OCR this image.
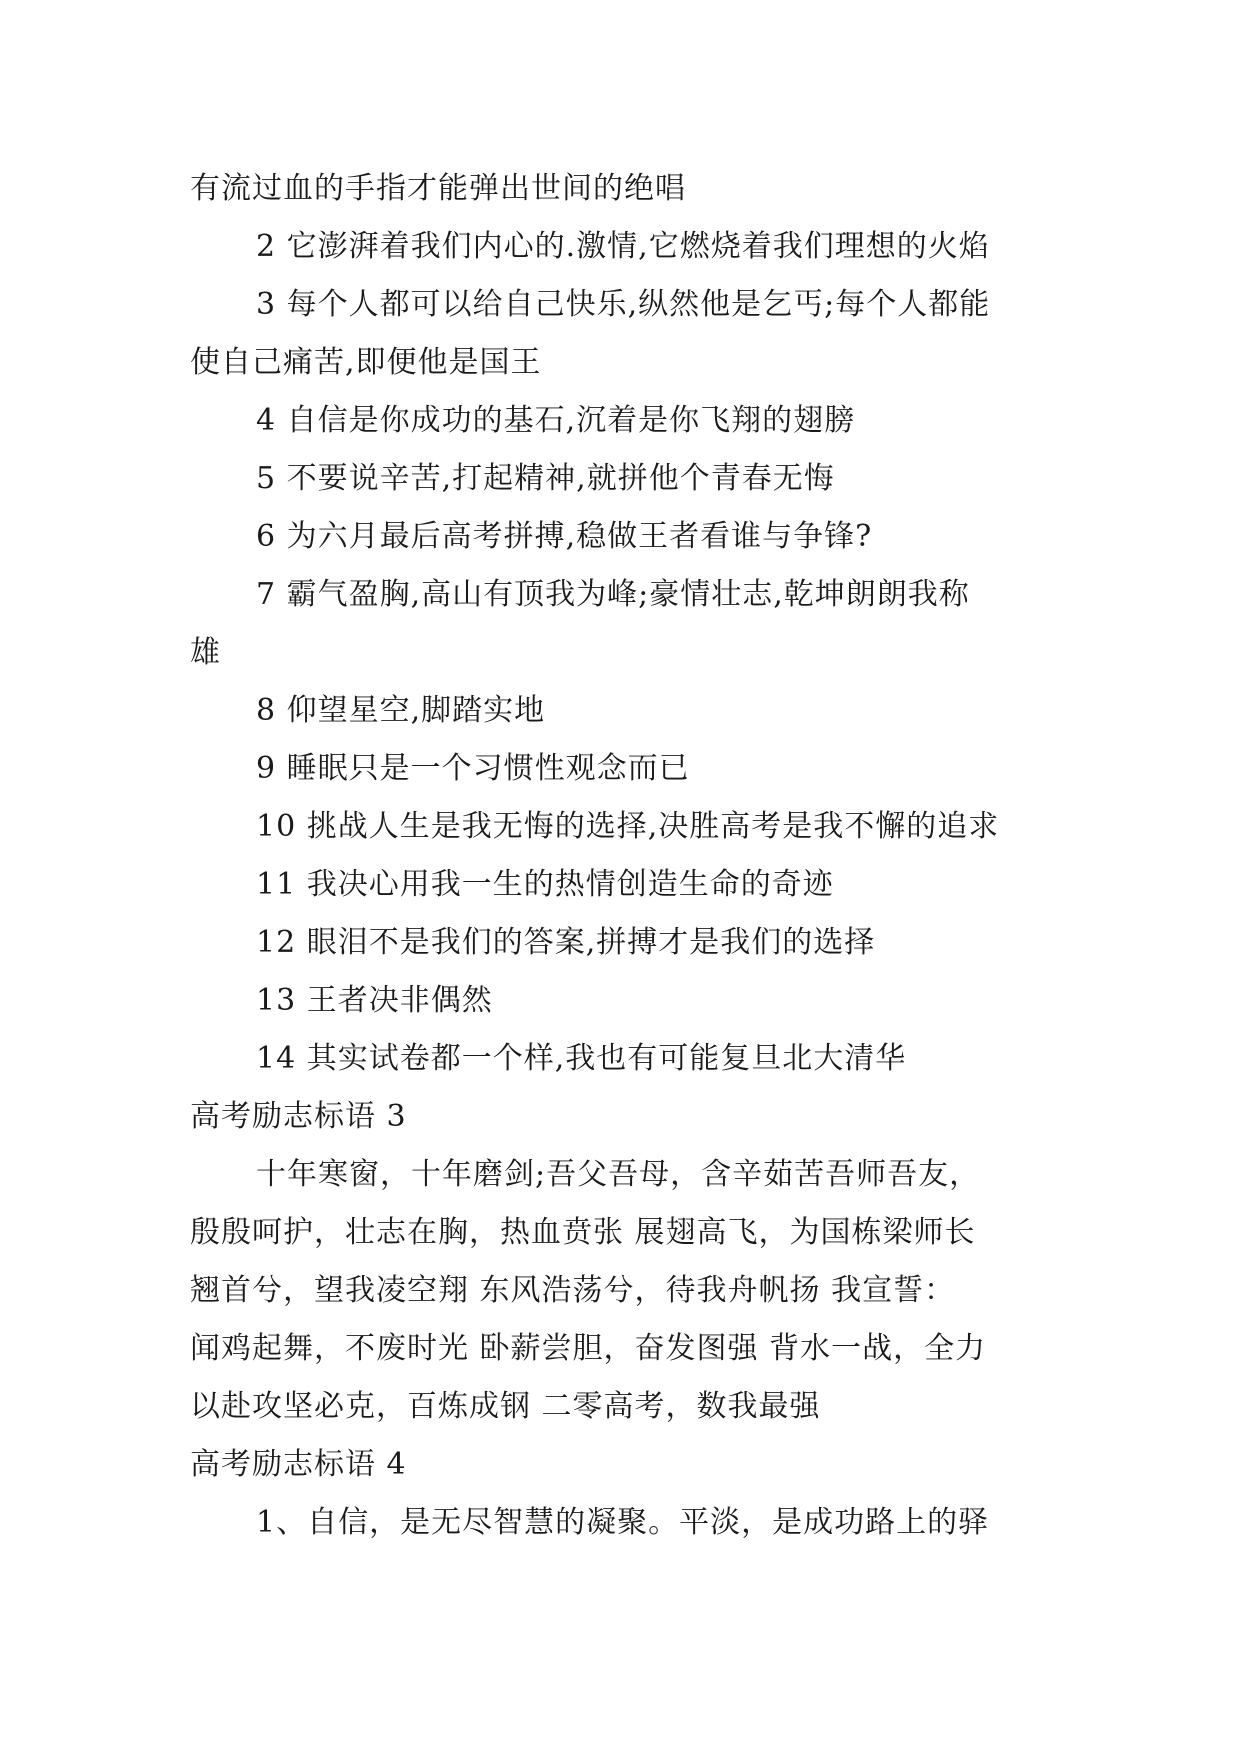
有流过血的手指才能弹出世间的绝唱
2 它澎湃着我们内心的.激情,它燃烧着我们理想的火焰
3 每个人都可以给自己快乐,纵然他是乞丐;每个人都能
使自己痛苦,即便他是国王
4 自信是你成功的基石,沉着是你飞翔的翅膀
5 不要说辛苦,打起精神,就拼他个青春无悔
6 为六月最后高考拼搏,稳做王者看谁与争锋?
7 霸气盈胸,高山有顶我为峰;豪情壮志,乾坤朗朗我称
雄
8 仰望星空,脚踏实地
9 睡眠只是一个习惯性观念而已
10 挑战人生是我无悔的选择,决胜高考是我不懈的追求
11 我决心用我一生的热情创造生命的奇迹
12 眼泪不是我们的答案,拼搏才是我们的选择
13 王者决非偶然
14 其实试卷都一个样,我也有可能复旦北大清华
高考励志标语 3
十年寒窗，十年磨剑;吾父吾母，含辛茹苦吾师吾友，
殷殷呵护，壮志在胸，热血贲张 展翅高飞，为国栋梁师长
翘首兮，望我凌空翔 东风浩荡兮，待我舟帆扬 我宣誓：
闻鸡起舞，不废时光 卧薪尝胆，奋发图强 背水一战，全力
以赴攻坚必克，百炼成钢 二零高考，数我最强
高考励志标语 4
1、自信，是无尽智慧的凝聚。平淡，是成功路上的驿
